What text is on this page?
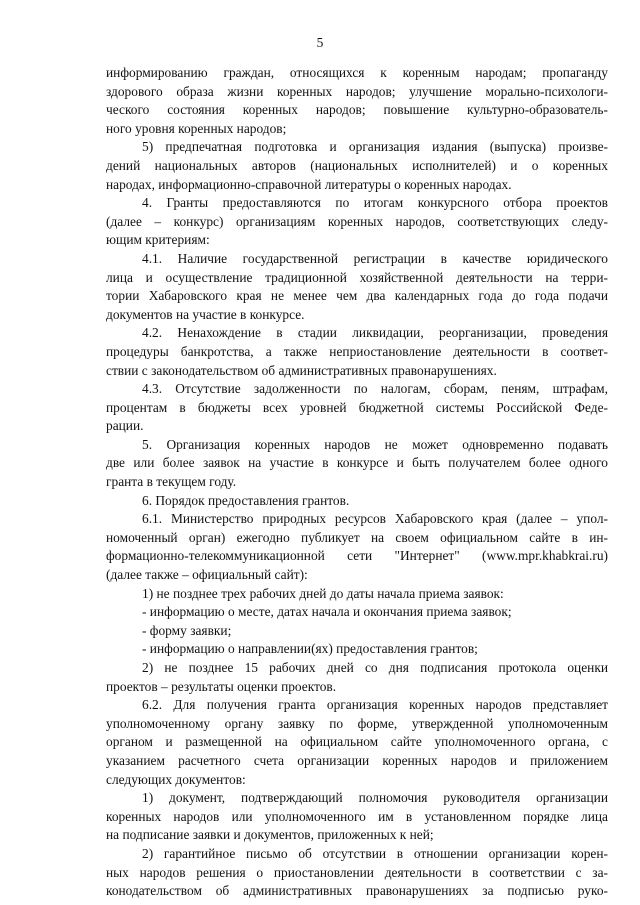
5

информированию граждан, относящихся к коренным народам; пропаганду

здорового образа жизни коренных народов; улучшение морально-психологи-

ческого состояния коренных народов; повышение культурно-образователь-

ного уровня коренных народов;

5) предпечатная подготовка и организация издания (выпуска) произве-

дений национальных авторов (национальных исполнителей) и о коренных

народах, информационно-справочной литературы о коренных народах.

4. Гранты предоставляются по итогам конкурсного отбора проектов

(далее – конкурс) организациям коренных народов, соответствующих следу-

ющим критериям:

4.1. Наличие государственной регистрации в качестве юридического

лица и осуществление традиционной хозяйственной деятельности на терри-

тории Хабаровского края не менее чем два календарных года до года подачи

документов на участие в конкурсе.

4.2. Ненахождение в стадии ликвидации, реорганизации, проведения

процедуры банкротства, а также неприостановление деятельности в соответ-

ствии с законодательством об административных правонарушениях.

4.3. Отсутствие задолженности по налогам, сборам, пеням, штрафам,

процентам в бюджеты всех уровней бюджетной системы Российской Феде-

рации.

5. Организация коренных народов не может одновременно подавать

две или более заявок на участие в конкурсе и быть получателем более одного

гранта в текущем году.

6. Порядок предоставления грантов.

6.1. Министерство природных ресурсов Хабаровского края (далее – упол-

номоченный орган) ежегодно публикует на своем официальном сайте в ин-

формационно-телекоммуникационной сети "Интернет" (www.mpr.khabkrai.ru)

(далее также – официальный сайт):

1) не позднее трех рабочих дней до даты начала приема заявок:

- информацию о месте, датах начала и окончания приема заявок;

- форму заявки;

- информацию о направлении(ях) предоставления грантов;

2) не позднее 15 рабочих дней со дня подписания протокола оценки

проектов – результаты оценки проектов.

6.2. Для получения гранта организация коренных народов представляет

уполномоченному органу заявку по форме, утвержденной уполномоченным

органом и размещенной на официальном сайте уполномоченного органа, с

указанием расчетного счета организации коренных народов и приложением

следующих документов:

1) документ, подтверждающий полномочия руководителя организации

коренных народов или уполномоченного им в установленном порядке лица

на подписание заявки и документов, приложенных к ней;

2) гарантийное письмо об отсутствии в отношении организации корен-

ных народов решения о приостановлении деятельности в соответствии с за-

конодательством об административных правонарушениях за подписью руко-
